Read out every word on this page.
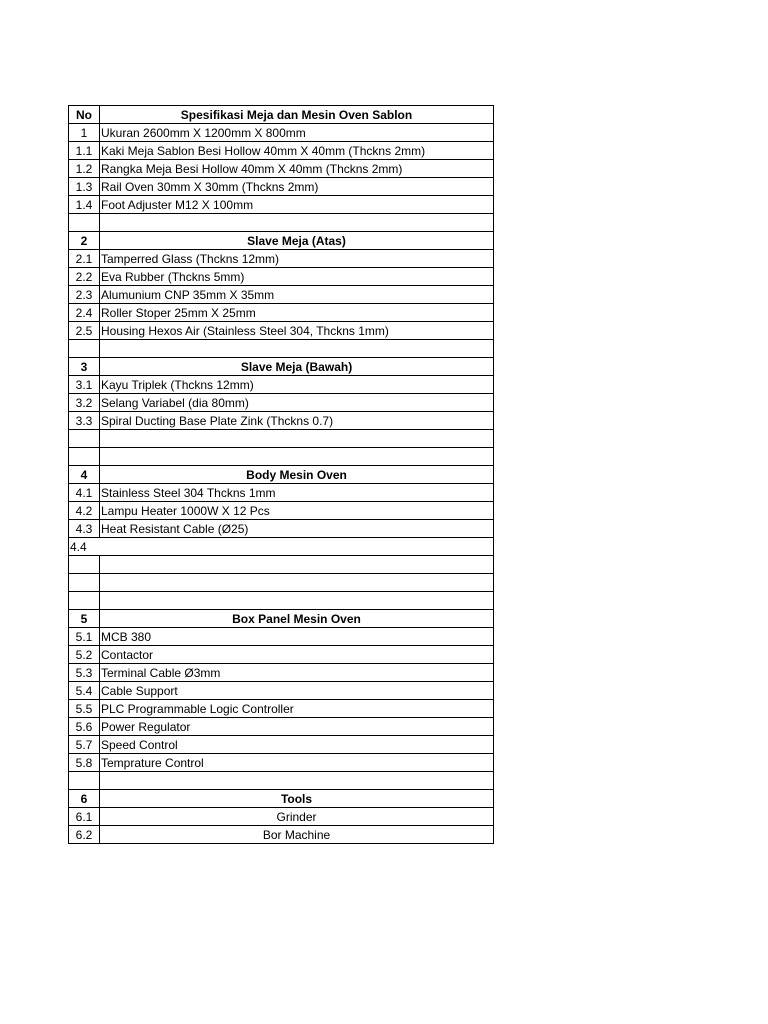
No	Spesifikasi Meja dan Mesin Oven Sablon
1	Ukuran 2600mm X 1200mm X 800mm
1.1	Kaki Meja Sablon Besi Hollow 40mm X 40mm (Thckns 2mm)
1.2	Rangka Meja Besi Hollow 40mm X 40mm (Thckns 2mm)
1.3	Rail Oven 30mm X 30mm (Thckns 2mm)
1.4	Foot Adjuster M12 X 100mm

2	Slave Meja (Atas)
2.1	Tamperred Glass (Thckns 12mm)
2.2	Eva Rubber (Thckns 5mm)
2.3	Alumunium CNP 35mm X 35mm
2.4	Roller Stoper 25mm X 25mm
2.5	Housing Hexos Air (Stainless Steel 304, Thckns 1mm)

3	Slave Meja (Bawah)
3.1	Kayu Triplek (Thckns 12mm)
3.2	Selang Variabel (dia 80mm)
3.3	Spiral Ducting Base Plate Zink (Thckns 0.7)

4	Body Mesin Oven
4.1	Stainless Steel 304 Thckns 1mm
4.2	Lampu Heater 1000W X 12 Pcs
4.3	Heat Resistant Cable (Ø25)
4.4	

5	Box Panel Mesin Oven
5.1	MCB 380
5.2	Contactor
5.3	Terminal Cable Ø3mm
5.4	Cable Support
5.5	PLC Programmable Logic Controller
5.6	Power Regulator
5.7	Speed Control
5.8	Temprature Control

6	Tools
6.1	Grinder
6.2	Bor Machine
